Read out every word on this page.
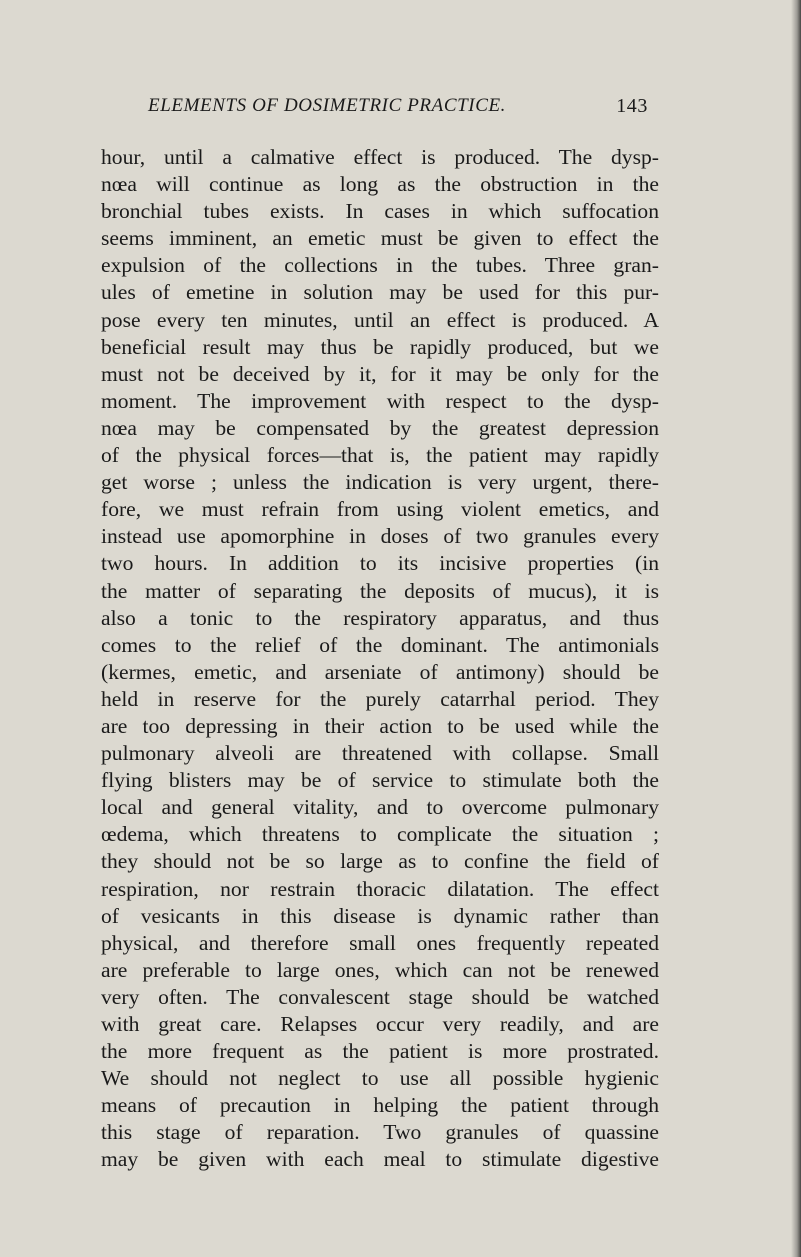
ELEMENTS OF DOSIMETRIC PRACTICE.	143
hour, until a calmative effect is produced. The dysp-
nœa will continue as long as the obstruction in the
bronchial tubes exists. In cases in which suffocation
seems imminent, an emetic must be given to effect the
expulsion of the collections in the tubes. Three gran-
ules of emetine in solution may be used for this pur-
pose every ten minutes, until an effect is produced. A
beneficial result may thus be rapidly produced, but we
must not be deceived by it, for it may be only for the
moment. The improvement with respect to the dysp-
nœa may be compensated by the greatest depression
of the physical forces—that is, the patient may rapidly
get worse ; unless the indication is very urgent, there-
fore, we must refrain from using violent emetics, and
instead use apomorphine in doses of two granules every
two hours. In addition to its incisive properties (in
the matter of separating the deposits of mucus), it is
also a tonic to the respiratory apparatus, and thus
comes to the relief of the dominant. The antimonials
(kermes, emetic, and arseniate of antimony) should be
held in reserve for the purely catarrhal period. They
are too depressing in their action to be used while the
pulmonary alveoli are threatened with collapse. Small
flying blisters may be of service to stimulate both the
local and general vitality, and to overcome pulmonary
œdema, which threatens to complicate the situation ;
they should not be so large as to confine the field of
respiration, nor restrain thoracic dilatation. The effect
of vesicants in this disease is dynamic rather than
physical, and therefore small ones frequently repeated
are preferable to large ones, which can not be renewed
very often. The convalescent stage should be watched
with great care. Relapses occur very readily, and are
the more frequent as the patient is more prostrated.
We should not neglect to use all possible hygienic
means of precaution in helping the patient through
this stage of reparation. Two granules of quassine
may be given with each meal to stimulate digestive
